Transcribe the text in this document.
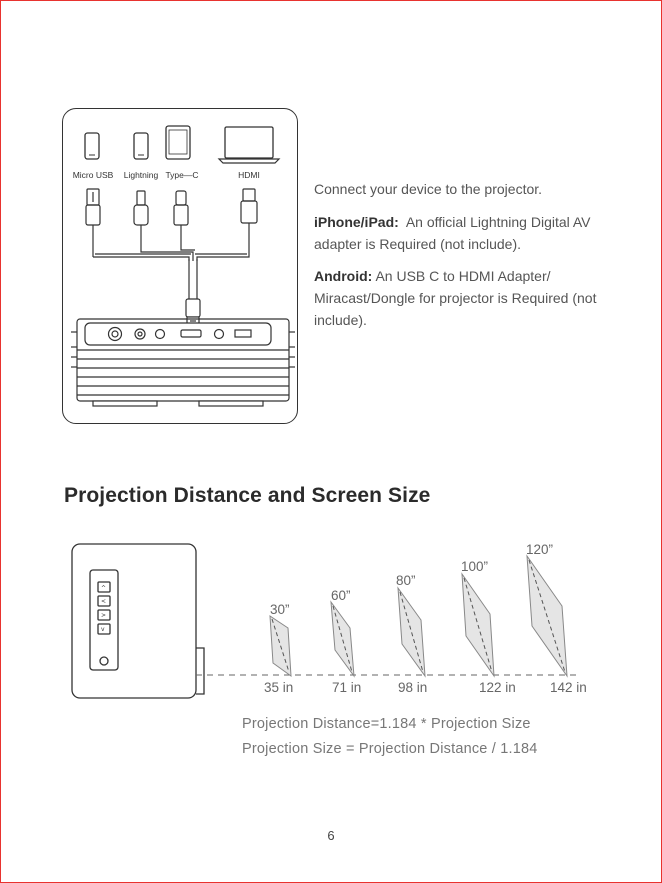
Micro USB Lightning Type—C	HDMI

Connect your device to the projector.

iPhone/iPad: An official Lightning Digital AV adapter is Required (not include).

Android: An USB C to HDMI Adapter/ Miracast/Dongle for projector is Required (not include).

Projection Distance and Screen Size
^
<
>
v
30”
60”
80”
100”
120”
35 in	71 in	98 in	122 in	142 in

Projection Distance=1.184 * Projection Size

Projection Size = Projection Distance / 1.184

6
